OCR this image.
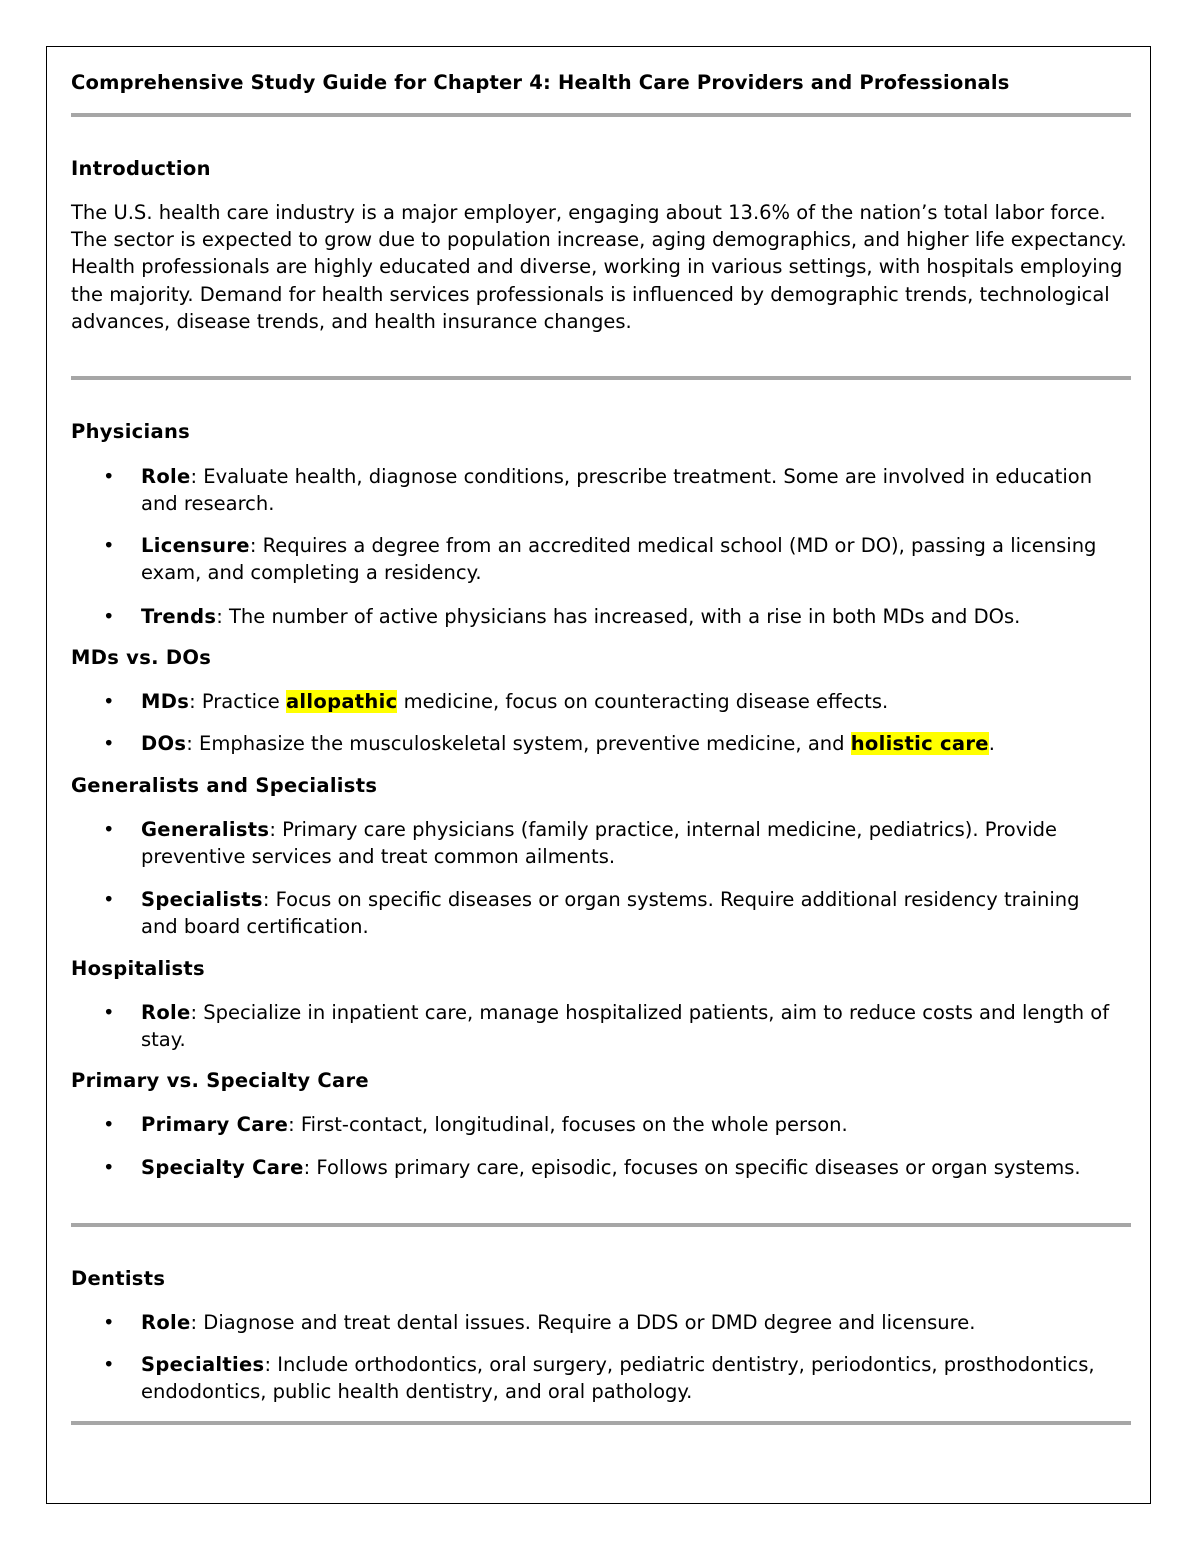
Comprehensive Study Guide for Chapter 4: Health Care Providers and Professionals
Introduction
The U.S. health care industry is a major employer, engaging about 13.6% of the nation’s total labor force. The sector is expected to grow due to population increase, aging demographics, and higher life expectancy. Health professionals are highly educated and diverse, working in various settings, with hospitals employing the majority. Demand for health services professionals is influenced by demographic trends, technological advances, disease trends, and health insurance changes.
Physicians
• Role: Evaluate health, diagnose conditions, prescribe treatment. Some are involved in education and research.
• Licensure: Requires a degree from an accredited medical school (MD or DO), passing a licensing exam, and completing a residency.
• Trends: The number of active physicians has increased, with a rise in both MDs and DOs.
MDs vs. DOs
• MDs: Practice allopathic medicine, focus on counteracting disease effects.
• DOs: Emphasize the musculoskeletal system, preventive medicine, and holistic care.
Generalists and Specialists
• Generalists: Primary care physicians (family practice, internal medicine, pediatrics). Provide preventive services and treat common ailments.
• Specialists: Focus on specific diseases or organ systems. Require additional residency training and board certification.
Hospitalists
• Role: Specialize in inpatient care, manage hospitalized patients, aim to reduce costs and length of stay.
Primary vs. Specialty Care
• Primary Care: First-contact, longitudinal, focuses on the whole person.
• Specialty Care: Follows primary care, episodic, focuses on specific diseases or organ systems.
Dentists
• Role: Diagnose and treat dental issues. Require a DDS or DMD degree and licensure.
• Specialties: Include orthodontics, oral surgery, pediatric dentistry, periodontics, prosthodontics, endodontics, public health dentistry, and oral pathology.
